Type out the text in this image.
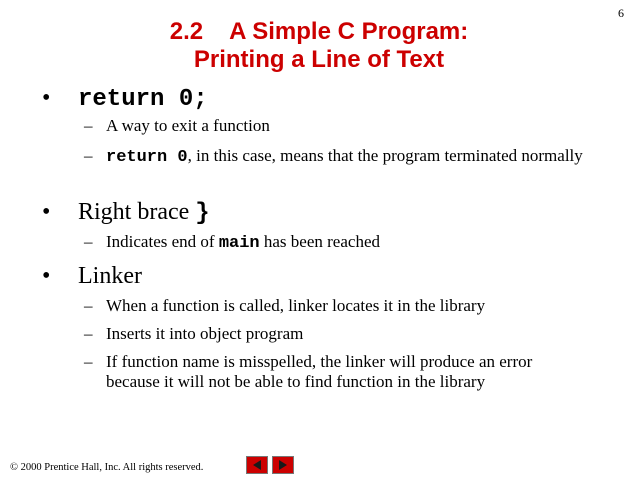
6
2.2 A Simple C Program:
Printing a Line of Text
• return 0;
– A way to exit a function
– return 0, in this case, means that the program terminated normally
• Right brace }
– Indicates end of main has been reached
• Linker
– When a function is called, linker locates it in the library
– Inserts it into object program
– If function name is misspelled, the linker will produce an error because it will not be able to find function in the library
© 2000 Prentice Hall, Inc. All rights reserved.
